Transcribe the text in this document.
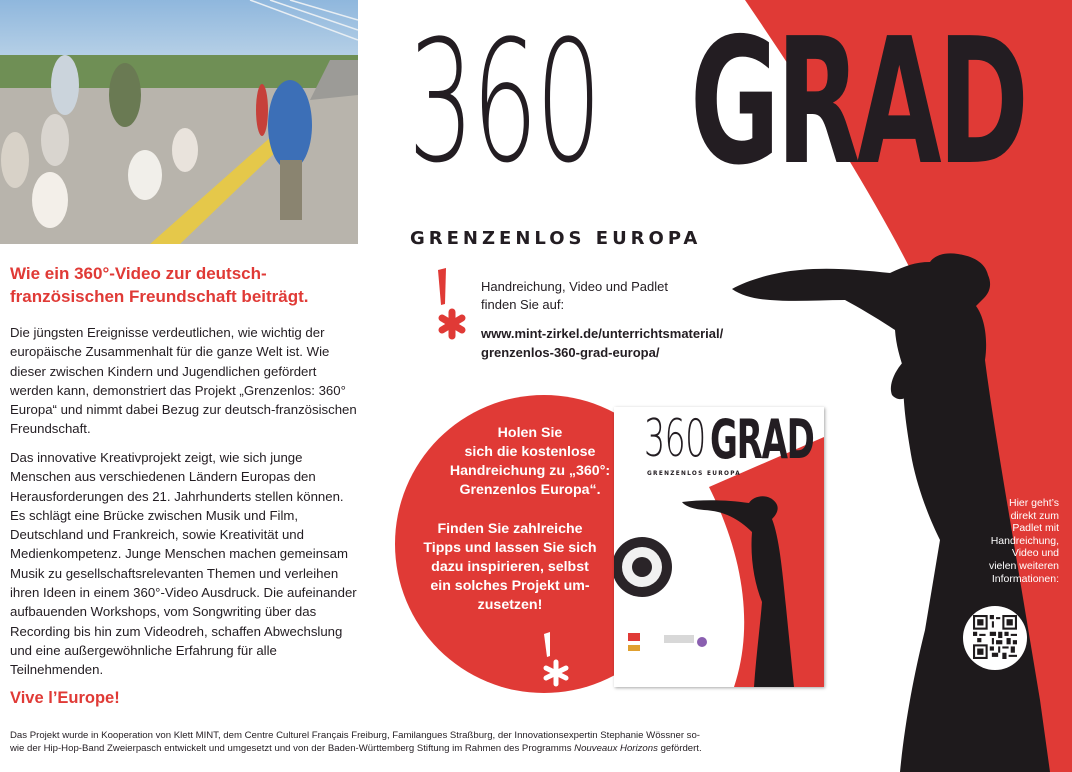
360 GRAD
GRENZENLOS EUROPA
Wie ein 360°-Video zur deutsch-französischen Freundschaft beiträgt.

Die jüngsten Ereignisse verdeutlichen, wie wichtig der europäische Zusammenhalt für die ganze Welt ist. Wie dieser zwischen Kindern und Jugendlichen gefördert werden kann, demonstriert das Projekt „Grenzenlos: 360° Europa“ und nimmt dabei Bezug zur deutsch-französischen Freundschaft.

Das innovative Kreativprojekt zeigt, wie sich junge Menschen aus verschiedenen Ländern Europas den Herausforderungen des 21. Jahrhunderts stellen können. Es schlägt eine Brücke zwischen Musik und Film, Deutschland und Frankreich, sowie Kreativität und Medienkompetenz. Junge Menschen machen gemeinsam Musik zu gesellschaftsrelevanten Themen und verleihen ihren Ideen in einem 360°-Video Ausdruck. Die aufeinander aufbauenden Workshops, vom Songwriting über das Recording bis hin zum Videodreh, schaffen Abwechslung und eine außergewöhnliche Erfahrung für alle Teilnehmenden.

Vive l’Europe!
Handreichung, Video und Padlet
finden Sie auf:
www.mint-zirkel.de/unterrichtsmaterial/
grenzenlos-360-grad-europa/
Holen Sie
sich die kostenlose
Handreichung zu „360°:
Grenzenlos Europa“.
Finden Sie zahlreiche
Tipps und lassen Sie sich
dazu inspirieren, selbst
ein solches Projekt um-
zusetzen!
360 GRAD
GRENZENLOS EUROPA
Hier geht’s
direkt zum
Padlet mit
Handreichung,
Video und
vielen weiteren
Informationen:
Das Projekt wurde in Kooperation von Klett MINT, dem Centre Culturel Français Freiburg, Familangues Straßburg, der Innovationsexpertin Stephanie Wössner so-
wie der Hip-Hop-Band Zweierpasch entwickelt und umgesetzt und von der Baden-Württemberg Stiftung im Rahmen des Programms Nouveaux Horizons gefördert.
